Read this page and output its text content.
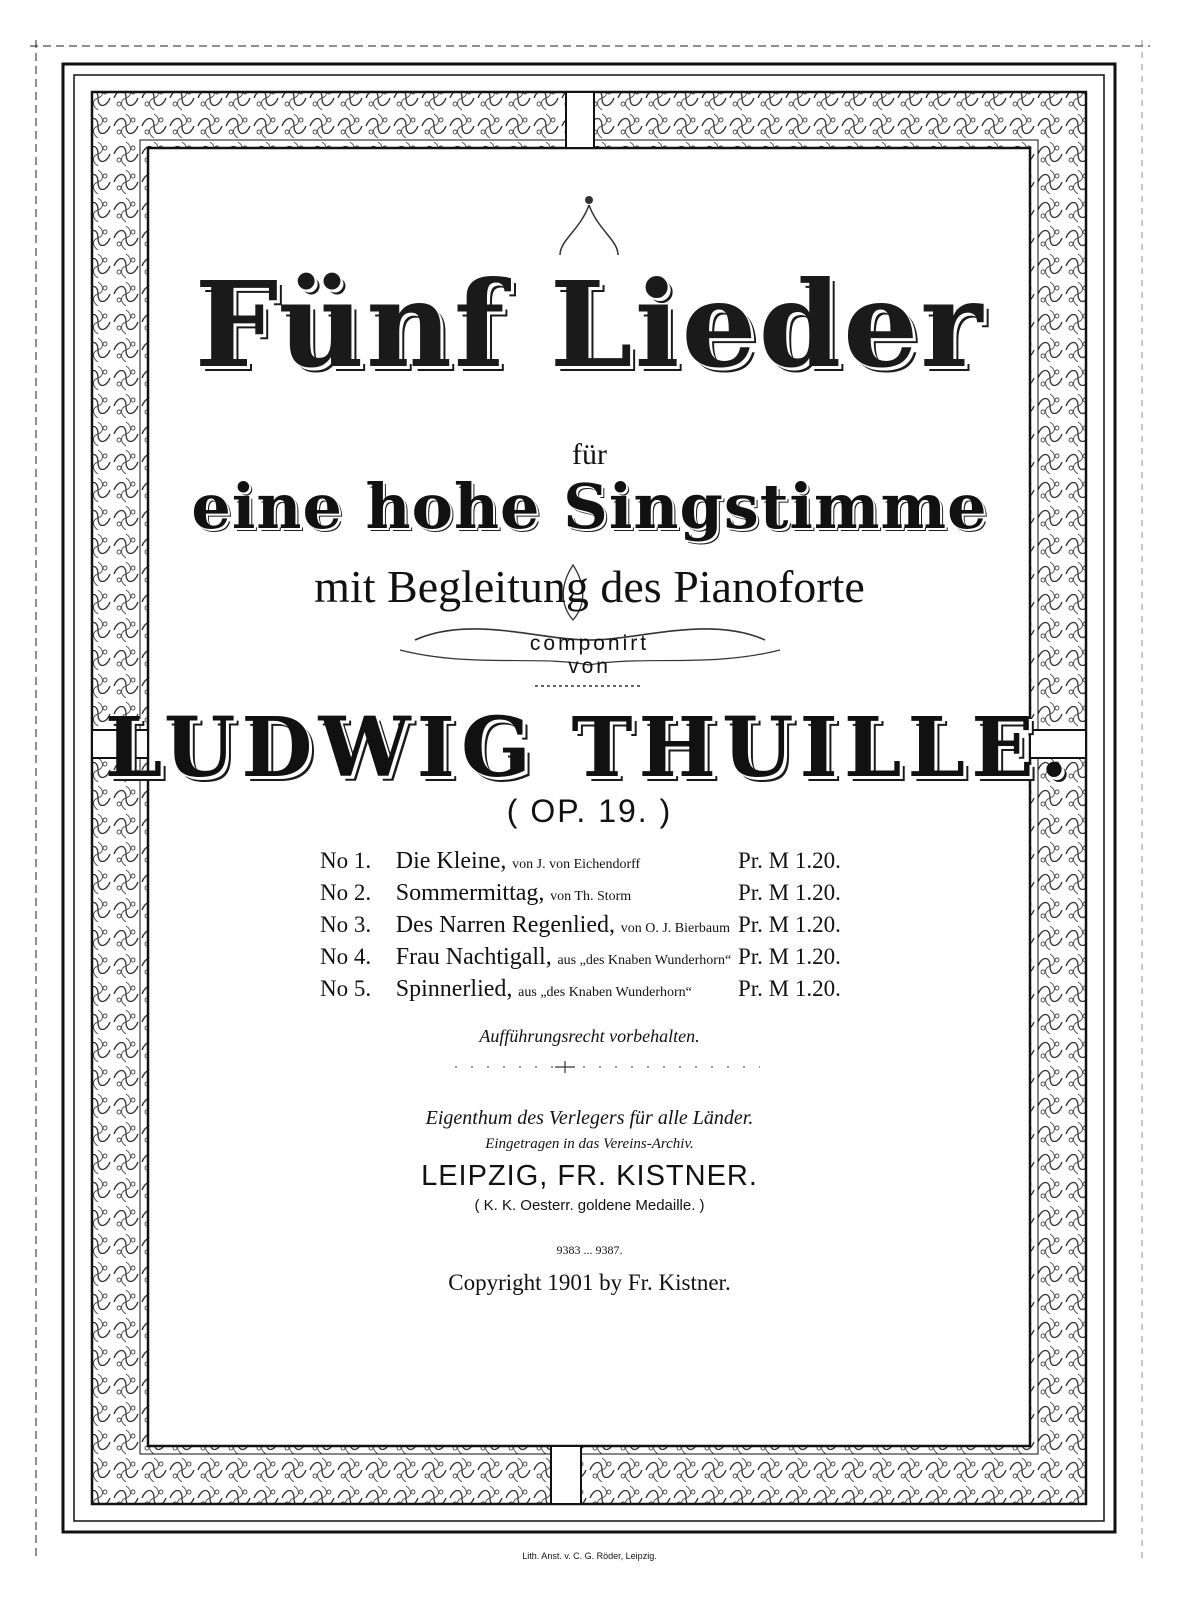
Fünf Lieder
für
eine hohe Singstimme
mit Begleitung des Pianoforte
componirt
von
LUDWIG THUILLE.
( OP. 19. )
No 1. Die Kleine, von J. von Eichendorff	Pr. M 1.20.
No 2. Sommermittag, von Th. Storm	Pr. M 1.20.
No 3. Des Narren Regenlied, von O. J. Bierbaum Pr. M 1.20.
No 4. Frau Nachtigall, aus „des Knaben Wunderhorn“ Pr. M 1.20.
No 5. Spinnerlied, aus „des Knaben Wunderhorn“ Pr. M 1.20.
Aufführungsrecht vorbehalten.
Eigenthum des Verlegers für alle Länder.
Eingetragen in das Vereins-Archiv.
LEIPZIG, FR. KISTNER.
( K. K. Oesterr. goldene Medaille. )
9383 ... 9387.
Copyright 1901 by Fr. Kistner.
Lith. Anst. v. C. G. Röder, Leipzig.
